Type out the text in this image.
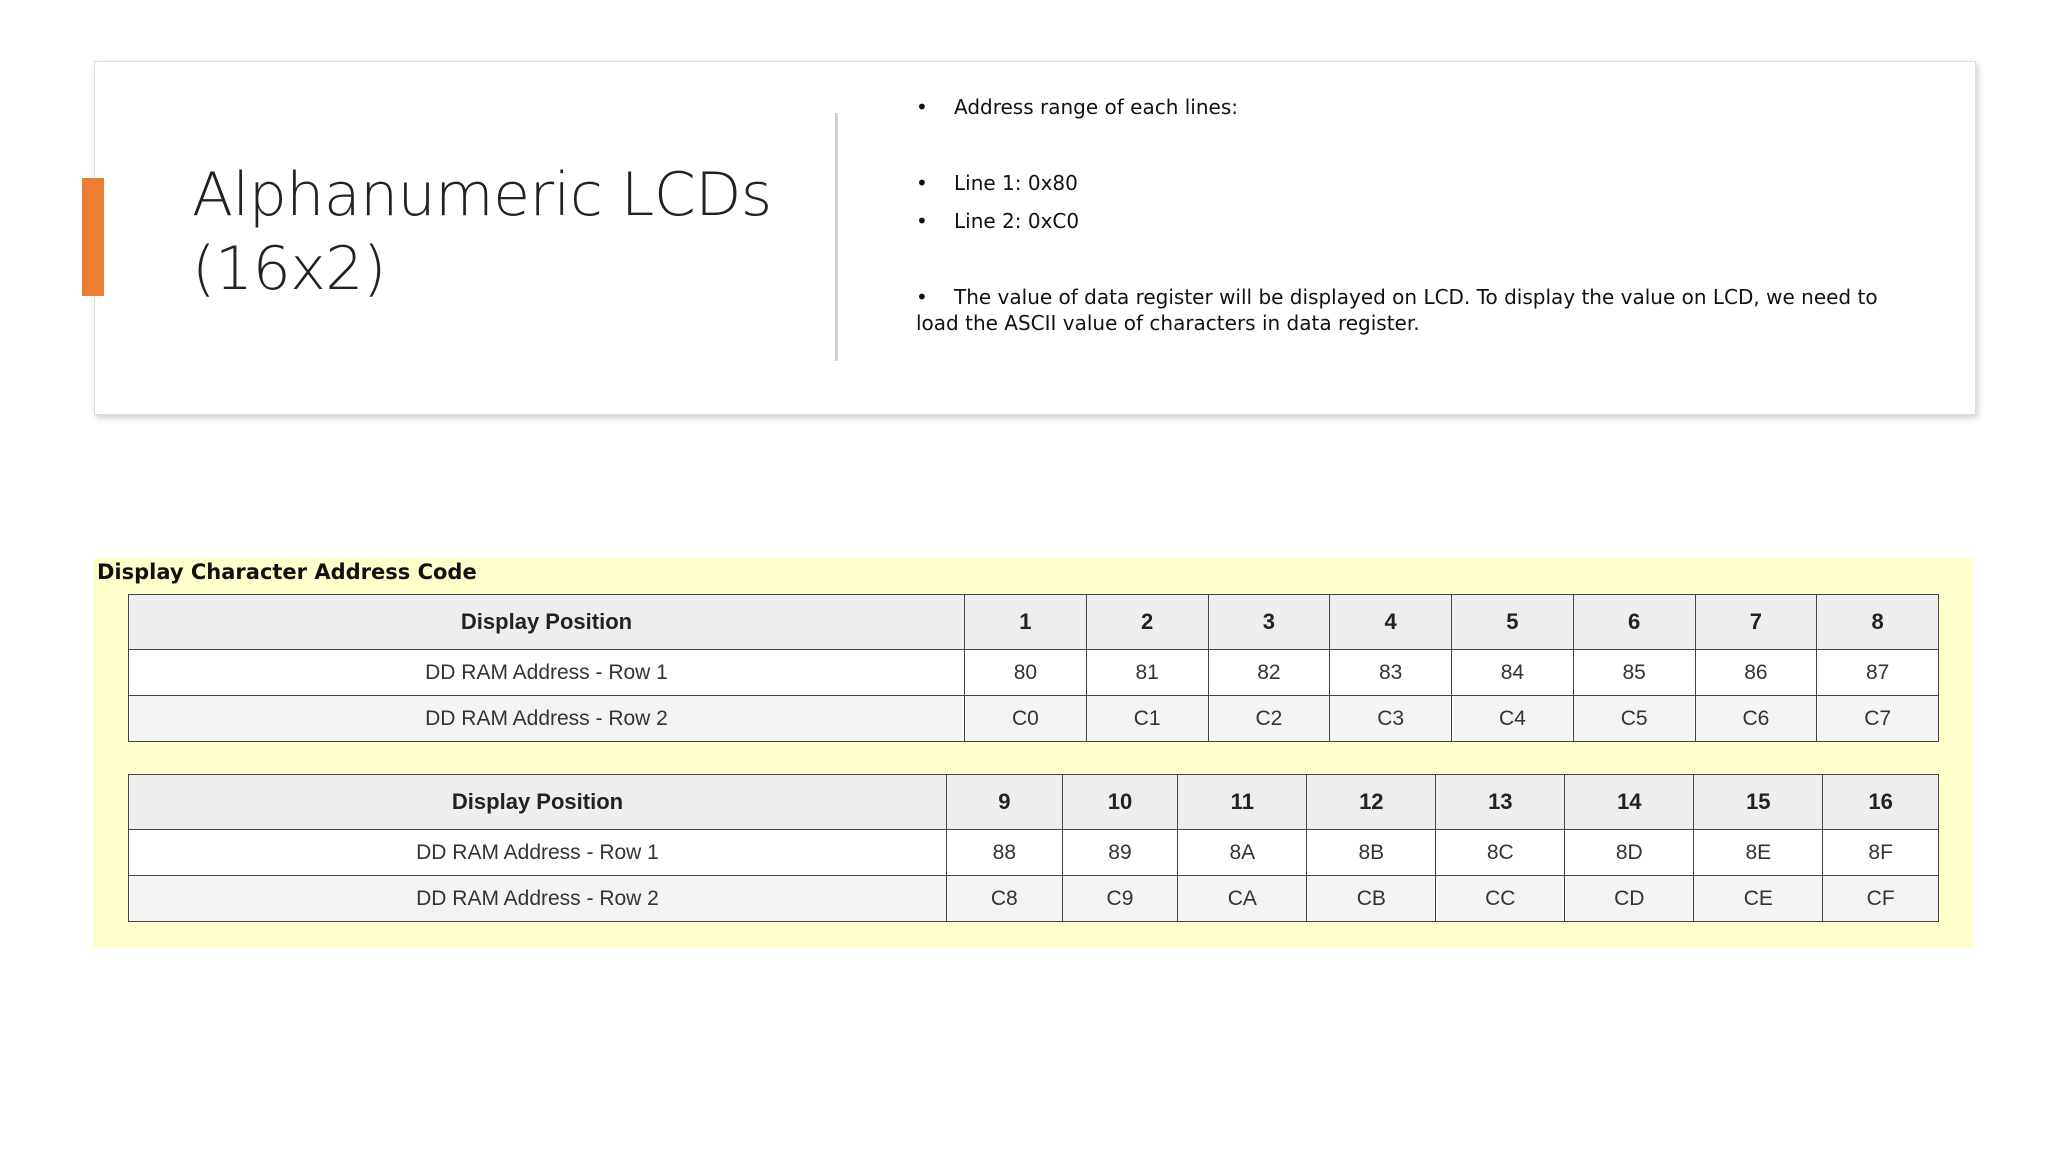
Alphanumeric LCDs
(16x2)
• Address range of each lines:
• Line 1: 0x80
• Line 2: 0xC0
• The value of data register will be displayed on LCD. To display the value on LCD, we need to load the ASCII value of characters in data register.
Display Character Address Code
Display Position	1	2	3	4	5	6	7	8
DD RAM Address - Row 1	80	81	82	83	84	85	86	87
DD RAM Address - Row 2	C0	C1	C2	C3	C4	C5	C6	C7
Display Position	9	10	11	12	13	14	15	16
DD RAM Address - Row 1	88	89	8A	8B	8C	8D	8E	8F
DD RAM Address - Row 2	C8	C9	CA	CB	CC	CD	CE	CF
